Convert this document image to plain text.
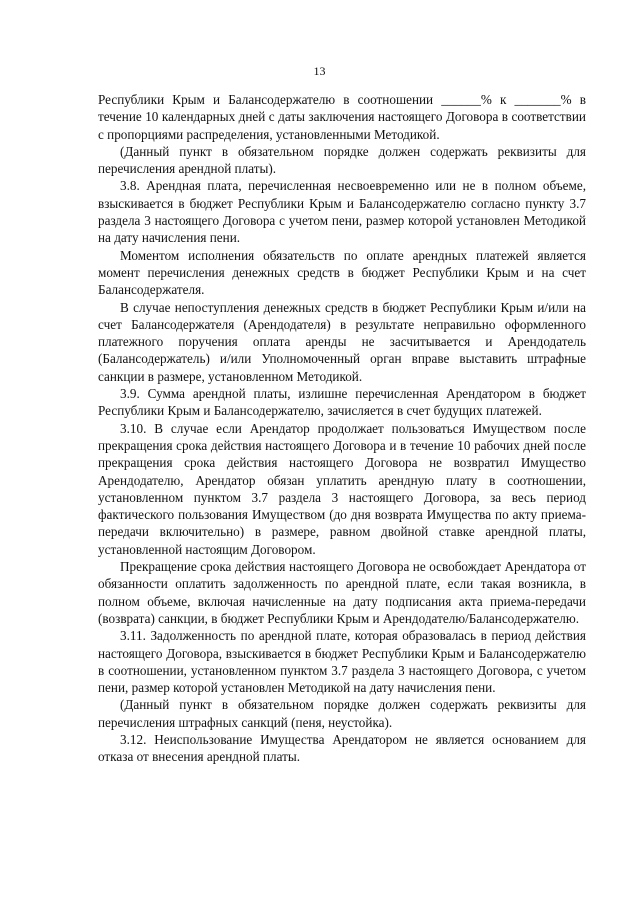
13

Республики Крым и Балансодержателю в соотношении ______% к _______% в течение 10 календарных дней с даты заключения настоящего Договора в соответствии с пропорциями распределения, установленными Методикой.

(Данный пункт в обязательном порядке должен содержать реквизиты для перечисления арендной платы).

3.8. Арендная плата, перечисленная несвоевременно или не в полном объеме, взыскивается в бюджет Республики Крым и Балансодержателю согласно пункту 3.7 раздела 3 настоящего Договора с учетом пени, размер которой установлен Методикой на дату начисления пени.

Моментом исполнения обязательств по оплате арендных платежей является момент перечисления денежных средств в бюджет Республики Крым и на счет Балансодержателя.

В случае непоступления денежных средств в бюджет Республики Крым и/или на счет Балансодержателя (Арендодателя) в результате неправильно оформленного платежного поручения оплата аренды не засчитывается и Арендодатель (Балансодержатель) и/или Уполномоченный орган вправе выставить штрафные санкции в размере, установленном Методикой.

3.9. Сумма арендной платы, излишне перечисленная Арендатором в бюджет Республики Крым и Балансодержателю, зачисляется в счет будущих платежей.

3.10. В случае если Арендатор продолжает пользоваться Имуществом после прекращения срока действия настоящего Договора и в течение 10 рабочих дней после прекращения срока действия настоящего Договора не возвратил Имущество Арендодателю, Арендатор обязан уплатить арендную плату в соотношении, установленном пунктом 3.7 раздела 3 настоящего Договора, за весь период фактического пользования Имуществом (до дня возврата Имущества по акту приема-передачи включительно) в размере, равном двойной ставке арендной платы, установленной настоящим Договором.

Прекращение срока действия настоящего Договора не освобождает Арендатора от обязанности оплатить задолженность по арендной плате, если такая возникла, в полном объеме, включая начисленные на дату подписания акта приема-передачи (возврата) санкции, в бюджет Республики Крым и Арендодателю/Балансодержателю.

3.11. Задолженность по арендной плате, которая образовалась в период действия настоящего Договора, взыскивается в бюджет Республики Крым и Балансодержателю в соотношении, установленном пунктом 3.7 раздела 3 настоящего Договора, с учетом пени, размер которой установлен Методикой на дату начисления пени.

(Данный пункт в обязательном порядке должен содержать реквизиты для перечисления штрафных санкций (пеня, неустойка).

3.12. Неиспользование Имущества Арендатором не является основанием для отказа от внесения арендной платы.
